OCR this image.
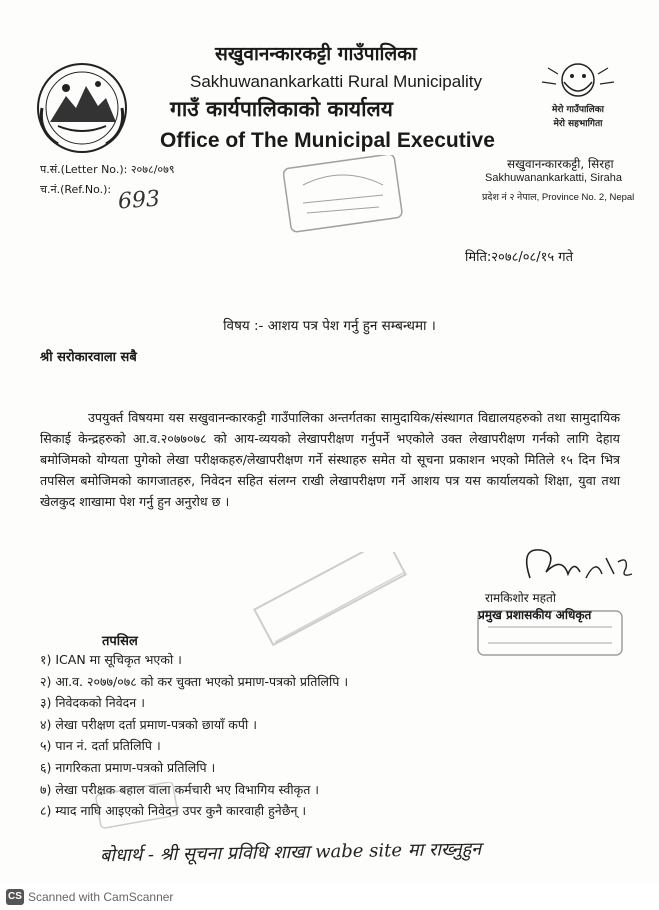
मेरो गाउँपालिका
मेरो सहभागिता
सखुवानन्कारकट्टी गाउँपालिका
Sakhuwanankarkatti Rural Municipality
गाउँ कार्यपालिकाको कार्यालय
Office of The Municipal Executive
प.सं.(Letter No.): २०७८/०७९
च.नं.(Ref.No.): 693
सखुवानन्कारकट्टी, सिरहा
Sakhuwanankarkatti, Siraha
प्रदेश नं २ नेपाल, Province No. 2, Nepal
मिति:२०७८/०८/१५ गते
विषय :- आशय पत्र पेश गर्नु हुन सम्बन्धमा ।
श्री सरोकारवाला सबै
उपयुर्क्त विषयमा यस सखुवानन्कारकट्टी गाउँपालिका अन्तर्गतका सामुदायिक/संस्थागत विद्यालयहरुको तथा सामुदायिक सिकाई केन्द्रहरुको आ.व.२०७७०७८ को आय-व्ययको लेखापरीक्षण गर्नुपर्ने भएकोले उक्त लेखापरीक्षण गर्नको लागि देहाय बमोजिमको योग्यता पुगेको लेखा परीक्षकहरु/लेखापरीक्षण गर्ने संस्थाहरु समेत यो सूचना प्रकाशन भएको मितिले १५ दिन भित्र तपसिल बमोजिमको कागजातहरु, निवेदन सहित संलग्न राखी लेखापरीक्षण गर्ने आशय पत्र यस कार्यालयको शिक्षा, युवा तथा खेलकुद शाखामा पेश गर्नु हुन अनुरोध छ ।
रामकिशोर महतो
प्रमुख प्रशासकीय अधिकृत
तपसिल
१) ICAN मा सूचिकृत भएको ।
२) आ.व. २०७७/०७८ को कर चुक्ता भएको प्रमाण-पत्रको प्रतिलिपि ।
३) निवेदकको निवेदन ।
४) लेखा परीक्षण दर्ता प्रमाण-पत्रको छायाँ कपी ।
५) पान नं. दर्ता प्रतिलिपि ।
६) नागरिकता प्रमाण-पत्रको प्रतिलिपि ।
७) लेखा परीक्षक बहाल वाला कर्मचारी भए विभागिय स्वीकृत ।
८) म्याद नाघि आइएको निवेदन उपर कुनै कारवाही हुनेछैन् ।
बोधार्थ - श्री सूचना प्रविधि शाखा wabe site मा राख्नुहुन
CS Scanned with CamScanner
